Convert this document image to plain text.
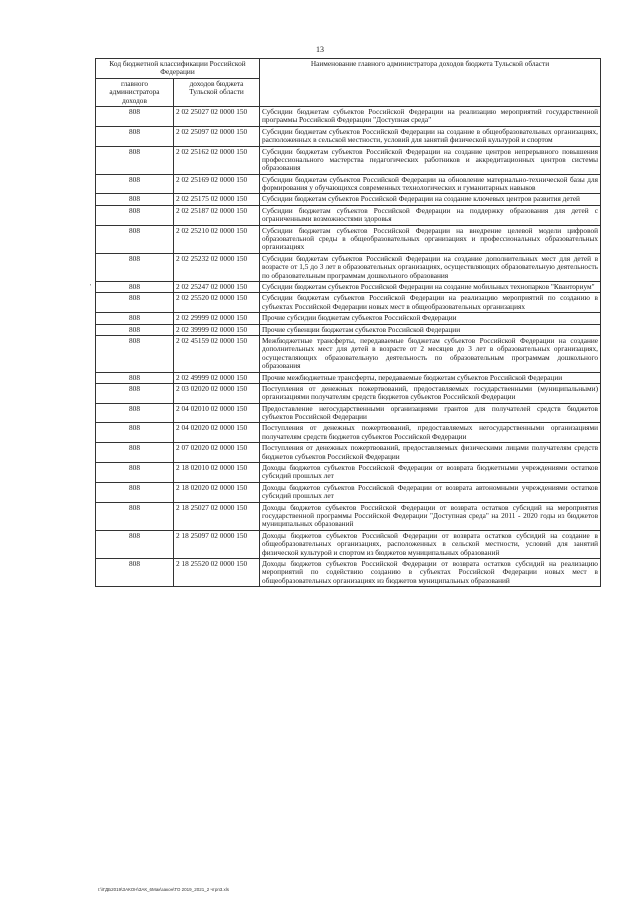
13
Код бюджетной классификации Российской Федерации		Наименование главного администратора доходов бюджета Тульской области
главного администратора доходов	доходов бюджета Тульской области	
808	2 02 25027 02 0000 150	Субсидии бюджетам субъектов Российской Федерации на реализацию мероприятий государственной программы Российской Федерации "Доступная среда"
808	2 02 25097 02 0000 150	Субсидии бюджетам субъектов Российской Федерации на создание в общеобразовательных организациях, расположенных в сельской местности, условий для занятий физической культурой и спортом
808	2 02 25162 02 0000 150	Субсидии бюджетам субъектов Российской Федерации на создание центров непрерывного повышения профессионального мастерства педагогических работников и аккредитационных центров системы образования
808	2 02 25169 02 0000 150	Субсидии бюджетам субъектов Российской Федерации на обновление материально-технической базы для формирования у обучающихся современных технологических и гуманитарных навыков
808	2 02 25175 02 0000 150	Субсидии бюджетам субъектов Российской Федерации на создание ключевых центров развития детей
808	2 02 25187 02 0000 150	Субсидии бюджетам субъектов Российской Федерации на поддержку образования для детей с ограниченными возможностями здоровья
808	2 02 25210 02 0000 150	Субсидии бюджетам субъектов Российской Федерации на внедрение целевой модели цифровой образовательной среды в общеобразовательных организациях и профессиональных образовательных организациях
808	2 02 25232 02 0000 150	Субсидии бюджетам субъектов Российской Федерации на создание дополнительных мест для детей в возрасте от 1,5 до 3 лет в образовательных организациях, осуществляющих образовательную деятельность по образовательным программам дошкольного образования
808	2 02 25247 02 0000 150	Субсидии бюджетам субъектов Российской Федерации на создание мобильных технопарков "Кванториум"
808	2 02 25520 02 0000 150	Субсидии бюджетам субъектов Российской Федерации на реализацию мероприятий по созданию в субъектах Российской Федерации новых мест в общеобразовательных организациях
808	2 02 29999 02 0000 150	Прочие субсидии бюджетам субъектов Российской Федерации
808	2 02 39999 02 0000 150	Прочие субвенции бюджетам субъектов Российской Федерации
808	2 02 45159 02 0000 150	Межбюджетные трансферты, передаваемые бюджетам субъектов Российской Федерации на создание дополнительных мест для детей в возрасте от 2 месяцев до 3 лет в образовательных организациях, осуществляющих образовательную деятельность по образовательным программам дошкольного образования
808	2 02 49999 02 0000 150	Прочие межбюджетные трансферты, передаваемые бюджетам субъектов Российской Федерации
808	2 03 02020 02 0000 150	Поступления от денежных пожертвований, предоставляемых государственными (муниципальными) организациями получателям средств бюджетов субъектов Российской Федерации
808	2 04 02010 02 0000 150	Предоставление негосударственными организациями грантов для получателей средств бюджетов субъектов Российской Федерации
808	2 04 02020 02 0000 150	Поступления от денежных пожертвований, предоставляемых негосударственными организациями получателям средств бюджетов субъектов Российской Федерации
808	2 07 02020 02 0000 150	Поступления от денежных пожертвований, предоставляемых физическими лицами получателям средств бюджетов субъектов Российской Федерации
808	2 18 02010 02 0000 150	Доходы бюджетов субъектов Российской Федерации от возврата бюджетными учреждениями остатков субсидий прошлых лет
808	2 18 02020 02 0000 150	Доходы бюджетов субъектов Российской Федерации от возврата автономными учреждениями остатков субсидий прошлых лет
808	2 18 25027 02 0000 150	Доходы бюджетов субъектов Российской Федерации от возврата остатков субсидий на мероприятия государственной программы Российской Федерации "Доступная среда" на 2011 - 2020 годы из бюджетов муниципальных образований
808	2 18 25097 02 0000 150	Доходы бюджетов субъектов Российской Федерации от возврата остатков субсидий на создание в общеобразовательных организациях, расположенных в сельской местности, условий для занятий физической культурой и спортом из бюджетов муниципальных образований
808	2 18 25520 02 0000 150	Доходы бюджетов субъектов Российской Федерации от возврата остатков субсидий на реализацию мероприятий по содействию созданию в субъектах Российской Федерации новых мест в общеобразовательных организациях из бюджетов муниципальных образований
'
I:\\ГДБ2019\ЗАКОН\ЗАК_6Мак\закон\ТО 2019_2021_2 чтрп3.xls
